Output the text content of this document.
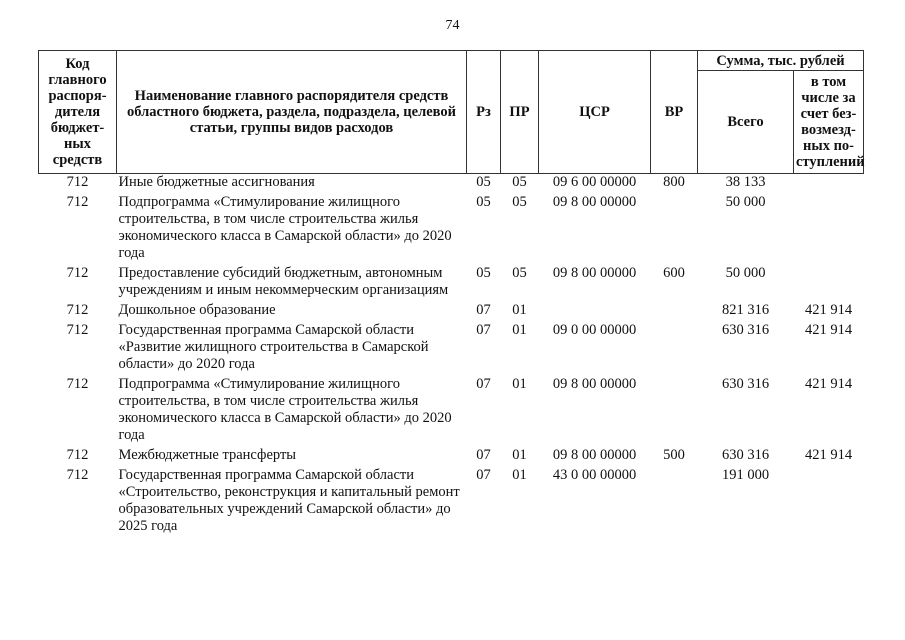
74
Код главного распоря-дителя бюджет-ных средств	Наименование главного распорядителя средств областного бюджета, раздела, подраздела, целевой статьи, группы видов расходов	Рз	ПР	ЦСР	ВР	Сумма, тыс. рублей	
						Всего	в том числе за счет без-возмезд-ных по-ступлений
712	Иные бюджетные ассигнования	05	05	09 6 00 00000	800	38 133	
712	Подпрограмма «Стимулирование жилищного строительства, в том числе строительства жилья экономического класса в Самарской области» до 2020 года	05	05	09 8 00 00000		50 000	
712	Предоставление субсидий бюджетным, автономным учреждениям и иным некоммерческим организациям	05	05	09 8 00 00000	600	50 000	
712	Дошкольное образование	07	01			821 316	421 914
712	Государственная программа Самарской области «Развитие жилищного строительства в Самарской области» до 2020 года	07	01	09 0 00 00000		630 316	421 914
712	Подпрограмма «Стимулирование жилищного строительства, в том числе строительства жилья экономического класса в Самарской области» до 2020 года	07	01	09 8 00 00000		630 316	421 914
712	Межбюджетные трансферты	07	01	09 8 00 00000	500	630 316	421 914
712	Государственная программа Самарской области «Строительство, реконструкция и капитальный ремонт образовательных учреждений Самарской области» до 2025 года	07	01	43 0 00 00000		191 000	
